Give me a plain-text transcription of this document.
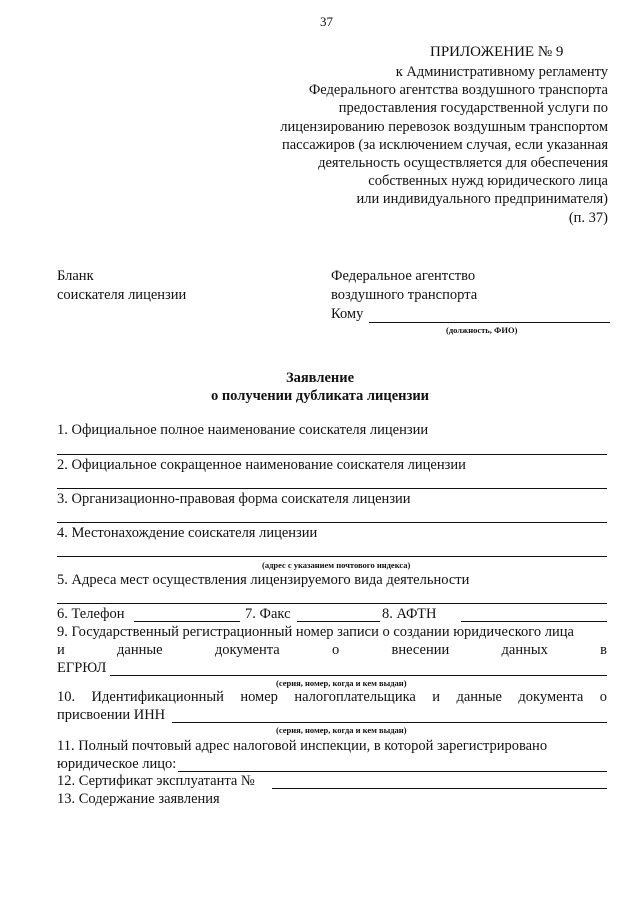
37
ПРИЛОЖЕНИЕ № 9
к Административному регламенту
Федерального агентства воздушного транспорта
предоставления государственной услуги по
лицензированию перевозок воздушным транспортом
пассажиров (за исключением случая, если указанная
деятельность осуществляется для обеспечения
собственных нужд юридического лица
или индивидуального предпринимателя)
(п. 37)
Бланк
соискателя лицензии
Федеральное агентство
воздушного транспорта
Кому
(должность, ФИО)
Заявление
о получении дубликата лицензии
1. Официальное полное наименование соискателя лицензии
2. Официальное сокращенное наименование соискателя лицензии
3. Организационно-правовая форма соискателя лицензии
4. Местонахождение соискателя лицензии
(адрес с указанием почтового индекса)
5. Адреса мест осуществления лицензируемого вида деятельности
6. Телефон	7. Факс	8. АФТН
9. Государственный регистрационный номер записи о создании юридического лица
и	данные	документа	о	внесении	данных	в
ЕГРЮЛ
(серия, номер, когда и кем выдан)
10. Идентификационный номер налогоплательщика и данные документа о
присвоении ИНН
(серия, номер, когда и кем выдан)
11. Полный почтовый адрес налоговой инспекции, в которой зарегистрировано
юридическое лицо:
12. Сертификат эксплуатанта №
13. Содержание заявления
